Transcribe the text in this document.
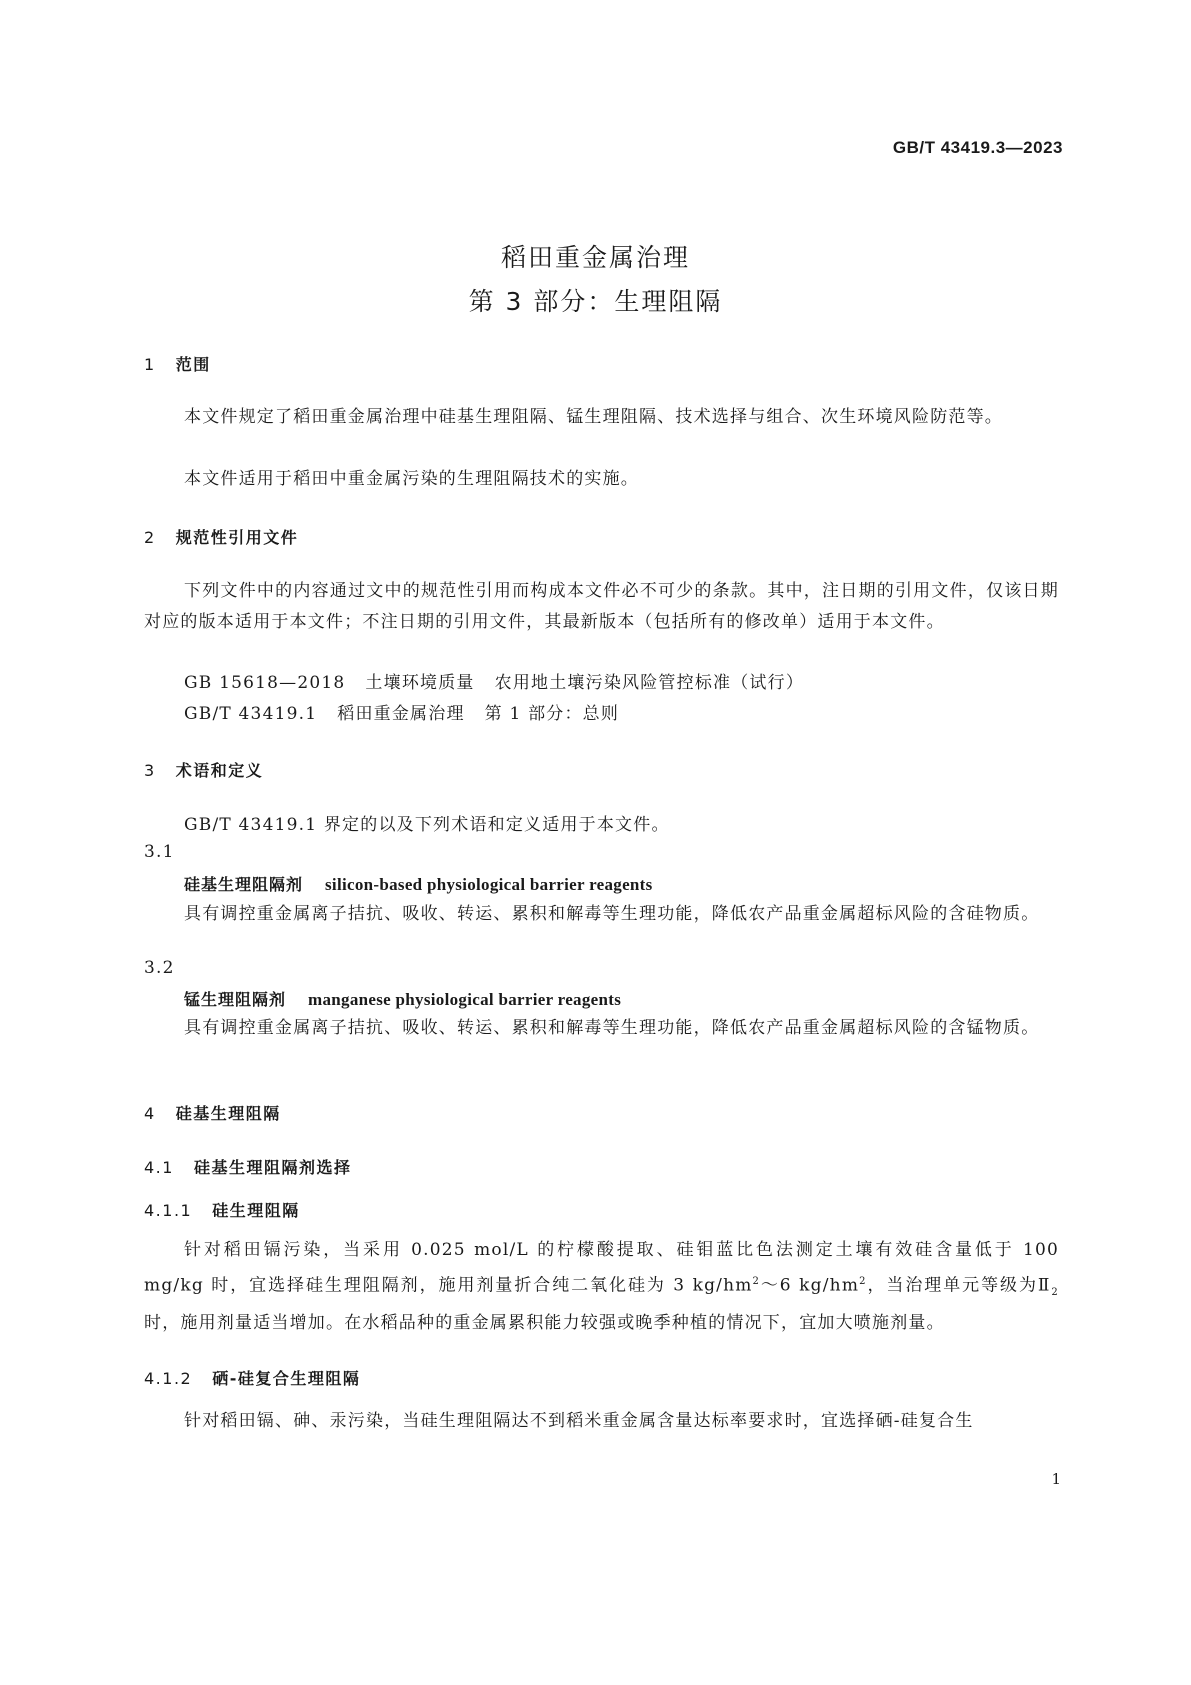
GB/T 43419.3—2023
稻田重金属治理
第 3 部分：生理阻隔
1 范围
本文件规定了稻田重金属治理中硅基生理阻隔、锰生理阻隔、技术选择与组合、次生环境风险防范等。
本文件适用于稻田中重金属污染的生理阻隔技术的实施。
2 规范性引用文件
下列文件中的内容通过文中的规范性引用而构成本文件必不可少的条款。其中，注日期的引用文件，仅该日期对应的版本适用于本文件；不注日期的引用文件，其最新版本（包括所有的修改单）适用于本文件。
GB 15618—2018 土壤环境质量 农用地土壤污染风险管控标准（试行）
GB/T 43419.1 稻田重金属治理 第 1 部分：总则
3 术语和定义
GB/T 43419.1 界定的以及下列术语和定义适用于本文件。
3.1
硅基生理阻隔剂 silicon-based physiological barrier reagents
具有调控重金属离子拮抗、吸收、转运、累积和解毒等生理功能，降低农产品重金属超标风险的含硅物质。
3.2
锰生理阻隔剂 manganese physiological barrier reagents
具有调控重金属离子拮抗、吸收、转运、累积和解毒等生理功能，降低农产品重金属超标风险的含锰物质。
4 硅基生理阻隔
4.1 硅基生理阻隔剂选择
4.1.1 硅生理阻隔
针对稻田镉污染，当采用 0.025 mol/L 的柠檬酸提取、硅钼蓝比色法测定土壤有效硅含量低于 100 mg/kg 时，宜选择硅生理阻隔剂，施用剂量折合纯二氧化硅为 3 $kg/hm^2\sim 6$ $kg/hm^2$，当治理单元等级为$Ⅱ_2$时，施用剂量适当增加。在水稻品种的重金属累积能力较强或晚季种植的情况下，宜加大喷施剂量。
4.1.2 硒-硅复合生理阻隔
针对稻田镉、砷、汞污染，当硅生理阻隔达不到稻米重金属含量达标率要求时，宜选择硒-硅复合生
1
